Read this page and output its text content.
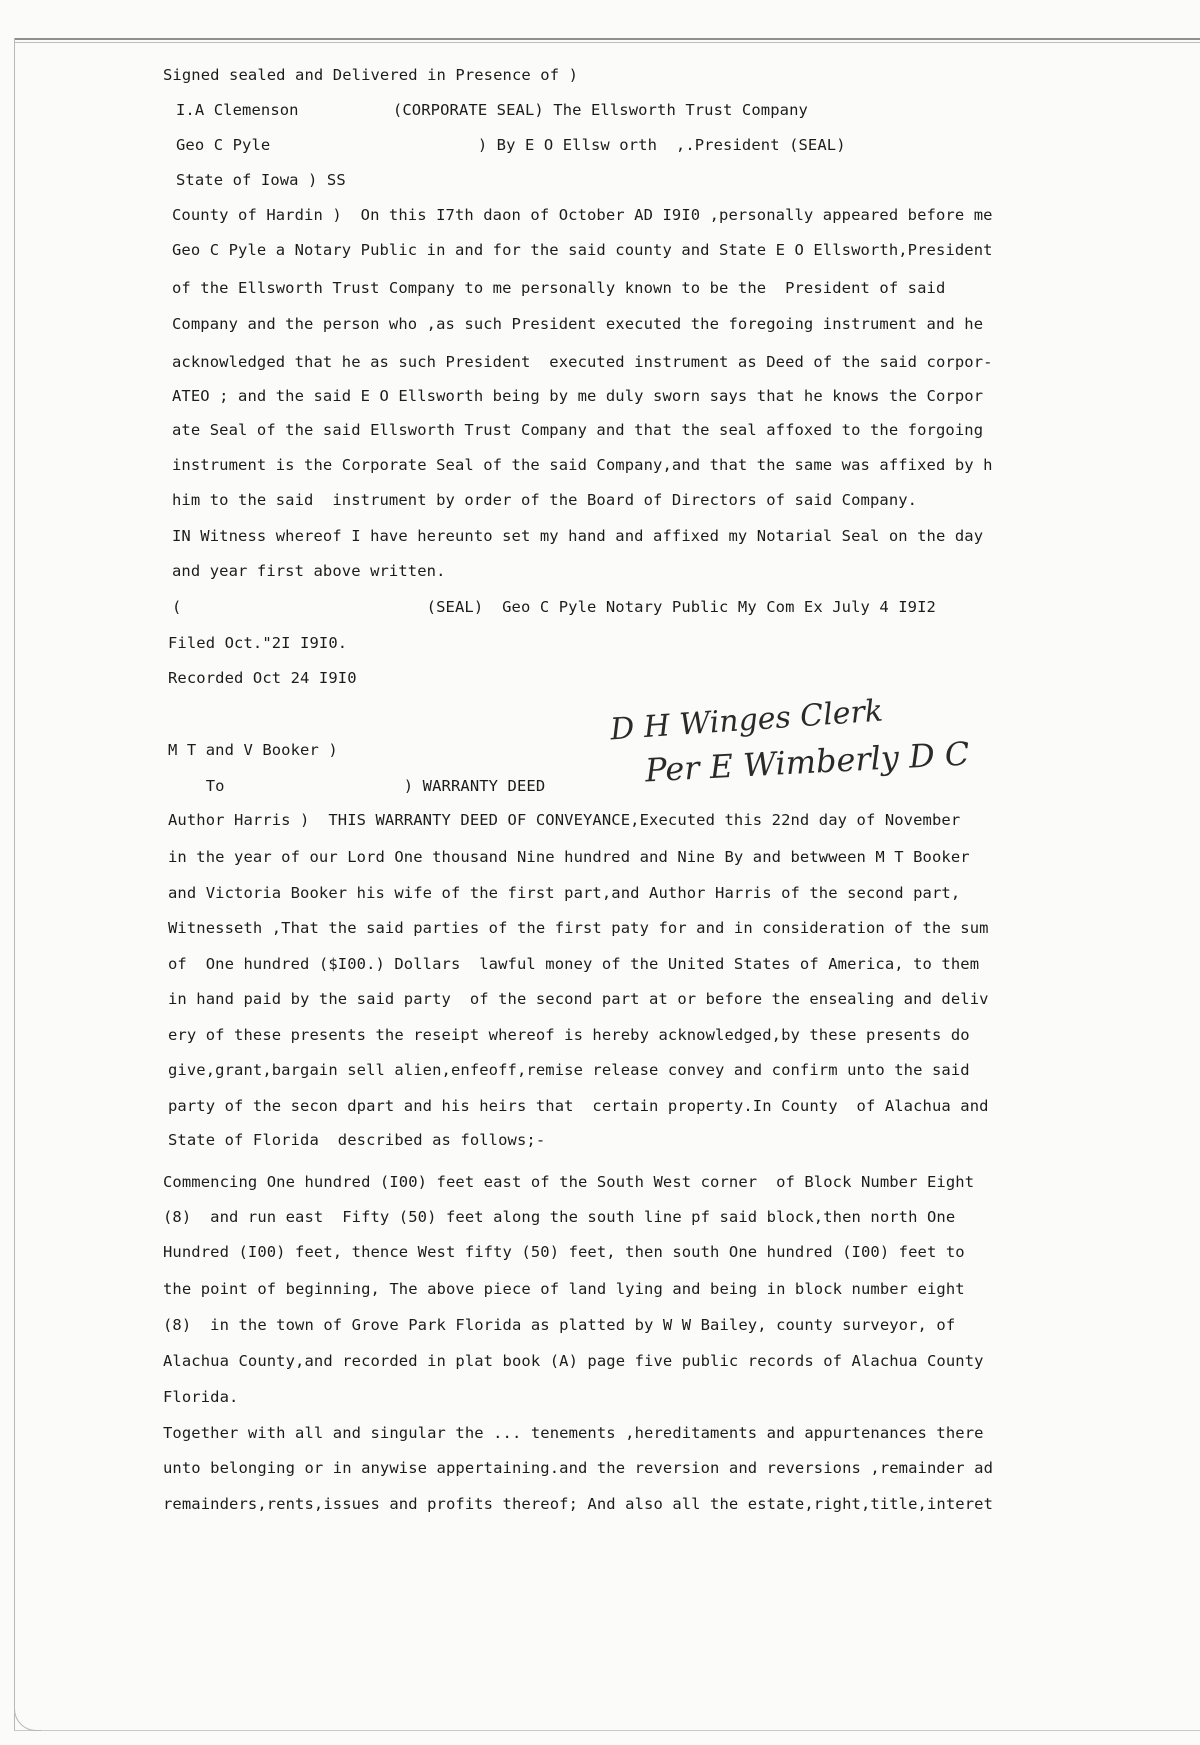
Signed sealed and Delivered in Presence of )
I.A Clemenson          (CORPORATE SEAL) The Ellsworth Trust Company
Geo C Pyle                      ) By E O Ellsw orth  ,.President (SEAL)
State of Iowa ) SS
County of Hardin )  On this I7th daon of October AD I9I0 ,personally appeared before me
Geo C Pyle a Notary Public in and for the said county and State E O Ellsworth,President
of the Ellsworth Trust Company to me personally known to be the  President of said
Company and the person who ,as such President executed the foregoing instrument and he
acknowledged that he as such President  executed instrument as Deed of the said corpor-
ATEO ; and the said E O Ellsworth being by me duly sworn says that he knows the Corpor
ate Seal of the said Ellsworth Trust Company and that the seal affoxed to the forgoing
instrument is the Corporate Seal of the said Company,and that the same was affixed by h
him to the said  instrument by order of the Board of Directors of said Company.
IN Witness whereof I have hereunto set my hand and affixed my Notarial Seal on the day
and year first above written.
(                          (SEAL)  Geo C Pyle Notary Public My Com Ex July 4 I9I2
Filed Oct."2I I9I0.
Recorded Oct 24 I9I0
D H Winges Clerk
Per E Wimberly D C
M T and V Booker )
To                   ) WARRANTY DEED
Author Harris )  THIS WARRANTY DEED OF CONVEYANCE,Executed this 22nd day of November
in the year of our Lord One thousand Nine hundred and Nine By and betwween M T Booker
and Victoria Booker his wife of the first part,and Author Harris of the second part,
Witnesseth ,That the said parties of the first paty for and in consideration of the sum
of  One hundred ($I00.) Dollars  lawful money of the United States of America, to them
in hand paid by the said party  of the second part at or before the ensealing and deliv
ery of these presents the reseipt whereof is hereby acknowledged,by these presents do
give,grant,bargain sell alien,enfeoff,remise release convey and confirm unto the said
party of the secon dpart and his heirs that  certain property.In County  of Alachua and
State of Florida  described as follows;-
Commencing One hundred (I00) feet east of the South West corner  of Block Number Eight
(8)  and run east  Fifty (50) feet along the south line pf said block,then north One
Hundred (I00) feet, thence West fifty (50) feet, then south One hundred (I00) feet to
the point of beginning, The above piece of land lying and being in block number eight
(8)  in the town of Grove Park Florida as platted by W W Bailey, county surveyor, of
Alachua County,and recorded in plat book (A) page five public records of Alachua County
Florida.
Together with all and singular the ... tenements ,hereditaments and appurtenances there
unto belonging or in anywise appertaining.and the reversion and reversions ,remainder ad
remainders,rents,issues and profits thereof; And also all the estate,right,title,interet
